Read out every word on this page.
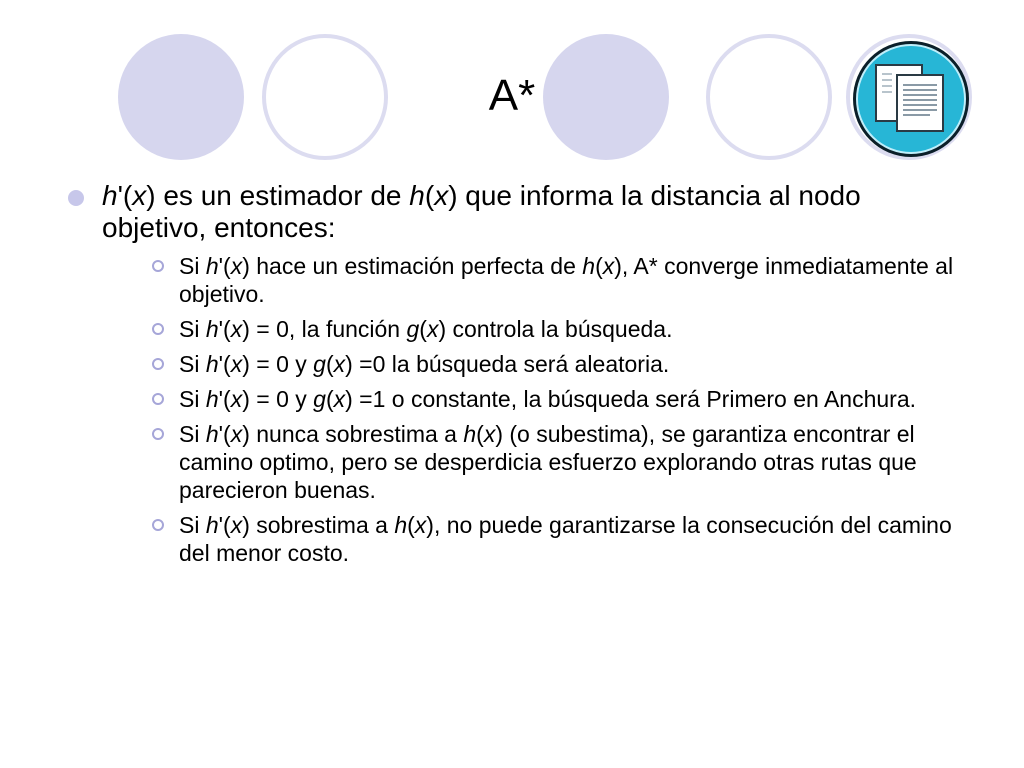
A*
h'(x) es un estimador de h(x) que informa la distancia al nodo objetivo, entonces:
Si h'(x) hace un estimación perfecta de h(x), A* converge inmediatamente al objetivo.
Si h'(x) = 0, la función g(x) controla la búsqueda.
Si h'(x) = 0 y g(x) =0 la búsqueda será aleatoria.
Si h'(x) = 0 y g(x) =1 o constante, la búsqueda será Primero en Anchura.
Si h'(x) nunca sobrestima a h(x) (o subestima), se garantiza encontrar el camino optimo, pero se desperdicia esfuerzo explorando otras rutas que parecieron buenas.
Si h'(x) sobrestima a h(x), no puede garantizarse la consecución del camino del menor costo.
